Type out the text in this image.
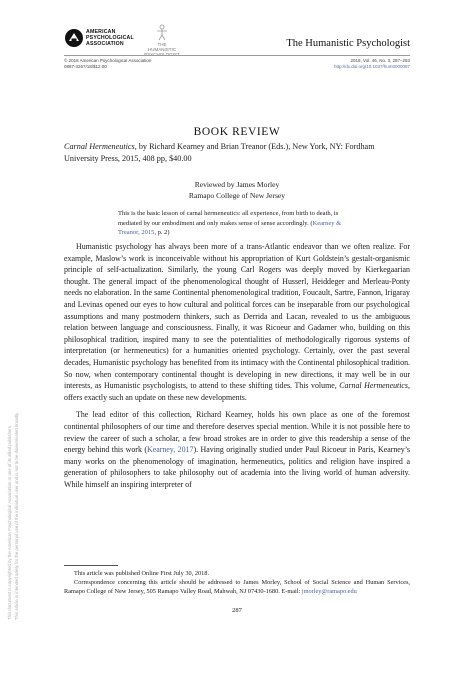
AMERICAN
PSYCHOLOGICAL
ASSOCIATION	THE
HUMANISTIC
The Humanistic Psychologist
© 2018 American Psychological Association
0887-3267/18/$12.00
2018, Vol. 46, No. 3, 287–293
http://dx.doi.org/10.1037/hum0000097
This document is copyrighted by the American Psychological Association or one of its allied publishers. This article is intended solely for the personal use of the individual user and is not to be disseminated broadly.
BOOK REVIEW
Carnal Hermeneutics, by Richard Kearney and Brian Treanor (Eds.), New York, NY: Fordham University Press, 2015, 408 pp, $40.00
Reviewed by James Morley
Ramapo College of New Jersey
This is the basic lesson of carnal hermeneutics: all experience, from birth to death, is mediated by our embodiment and only makes sense of sense accordingly. (Kearney & Treanor, 2015, p. 2)

Humanistic psychology has always been more of a trans-Atlantic endeavor than we often realize. For example, Maslow’s work is inconceivable without his appropriation of Kurt Goldstein’s gestalt-organismic principle of self-actualization. Similarly, the young Carl Rogers was deeply moved by Kierkegaarian thought. The general impact of the phenomenological thought of Husserl, Heiddeger and Merleau-Ponty needs no elaboration. In the same Continental phenomenological tradition, Foucault, Sartre, Fannon, Irigaray and Levinas opened our eyes to how cultural and political forces can be inseparable from our psychological assumptions and many postmodern thinkers, such as Derrida and Lacan, revealed to us the ambiguous relation between language and consciousness. Finally, it was Ricoeur and Gadamer who, building on this philosophical tradition, inspired many to see the potentialities of methodologically rigorous systems of interpretation (or hermeneutics) for a humanities oriented psychology. Certainly, over the past several decades, Humanistic psychology has benefited from its intimacy with the Continental philosophical tradition. So now, when contemporary continental thought is developing in new directions, it may well be in our interests, as Humanistic psychologists, to attend to these shifting tides. This volume, Carnal Hermeneutics, offers exactly such an update on these new developments.

The lead editor of this collection, Richard Kearney, holds his own place as one of the foremost continental philosophers of our time and therefore deserves special mention. While it is not possible here to review the career of such a scholar, a few broad strokes are in order to give this readership a sense of the energy behind this work (Kearney, 2017). Having originally studied under Paul Ricoeur in Paris, Kearney’s many works on the phenomenology of imagination, hermeneutics, politics and religion have inspired a generation of philosophers to take philosophy out of academia into the living world of human adversity. While himself an inspiring interpreter of

This article was published Online First July 30, 2018.

Correspondence concerning this article should be addressed to James Morley, School of Social Science and Human Services, Ramapo College of New Jersey, 505 Ramapo Valley Road, Mahwah, NJ 07430-1680. E-mail: jmorley@ramapo.edu

287
